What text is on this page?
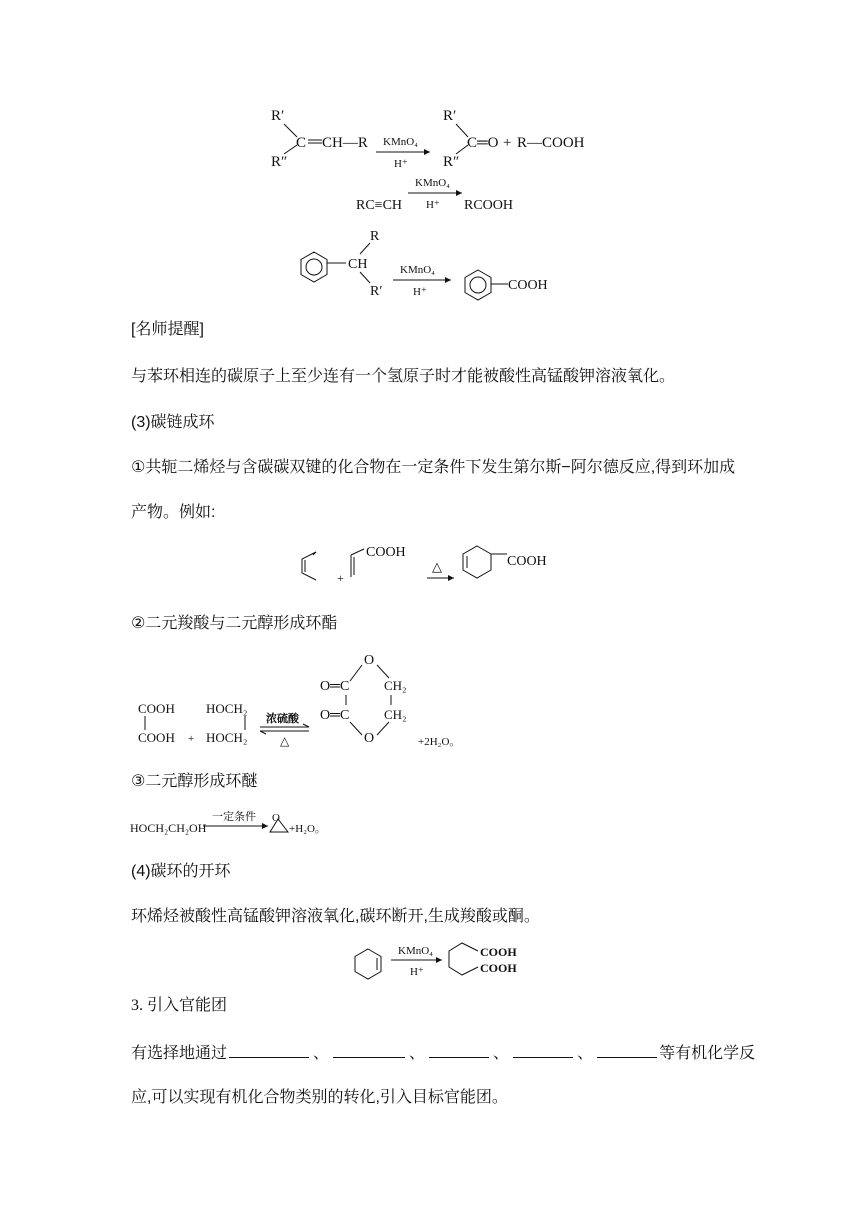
R′
R″
C CH—R KMnO₄
H⁺
R′
R″
C═O + R—COOH
RC≡CH
KMnO₄
H⁺ RCOOH
R
CH
R′
KMnO₄
H⁺	COOH
[名师提醒]
与苯环相连的碳原子上至少连有一个氢原子时才能被酸性高锰酸钾溶液氧化。
(3)碳链成环
①共轭二烯烃与含碳碳双键的化合物在一定条件下发生第尔斯−阿尔德反应,得到环加成
产物。例如:
+
COOH
△	COOH
②二元羧酸与二元醇形成环酯
COOH
COOH +
HOCH₂
HOCH₂
浓硫酸
△
O
O═C
O═C
CH₂
CH₂
O	+2H₂O。
③二元醇形成环醚
HOCH₂CH₂OH
一定条件 O
+H₂O。
(4)碳环的开环
环烯烃被酸性高锰酸钾溶液氧化,碳环断开,生成羧酸或酮。
KMnO₄
H⁺
COOH
COOH
3. 引入官能团
有选择地通过	、	、	、	、	等有机化学反
应,可以实现有机化合物类别的转化,引入目标官能团。
